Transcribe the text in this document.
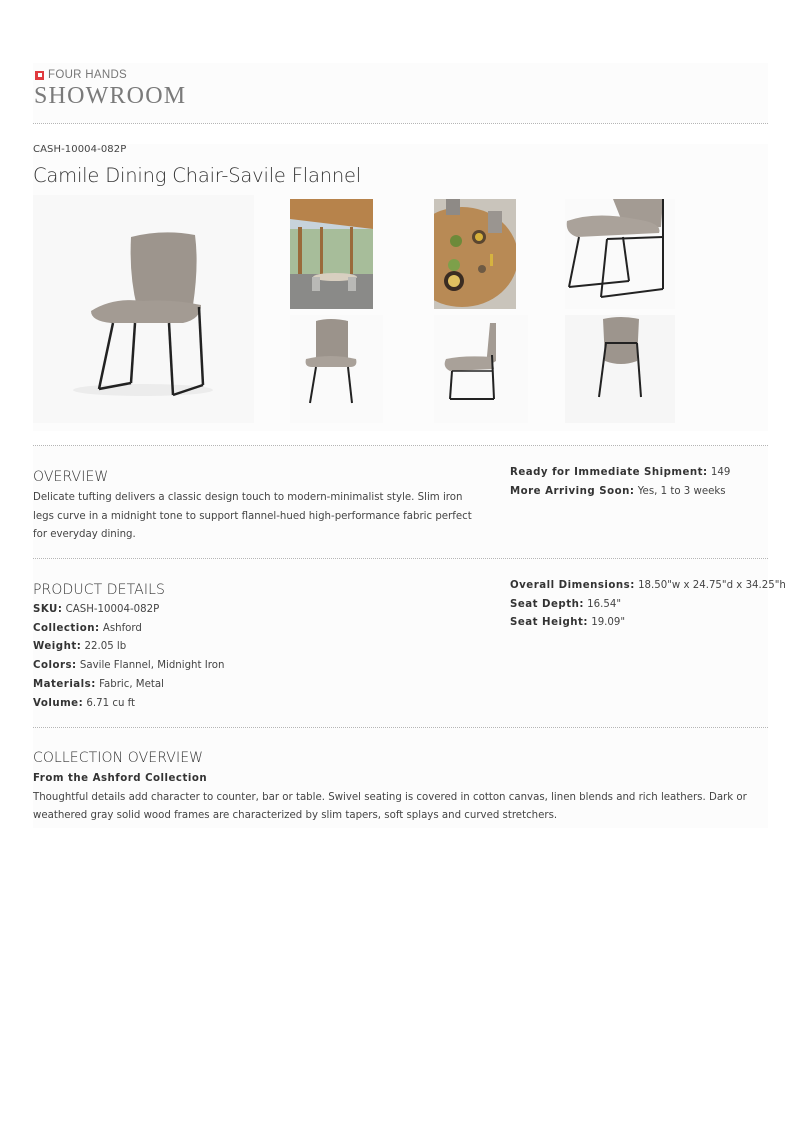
FOUR HANDS
SHOWROOM
CASH-10004-082P
Camile Dining Chair-Savile Flannel
OVERVIEW
Delicate tufting delivers a classic design touch to modern-minimalist style. Slim iron legs curve in a midnight tone to support flannel-hued high-performance fabric perfect for everyday dining.
Ready for Immediate Shipment: 149
More Arriving Soon: Yes, 1 to 3 weeks
PRODUCT DETAILS
SKU: CASH-10004-082P
Collection: Ashford
Weight: 22.05 lb
Colors: Savile Flannel, Midnight Iron
Materials: Fabric, Metal
Volume: 6.71 cu ft
Overall Dimensions: 18.50"w x 24.75"d x 34.25"h
Seat Depth: 16.54"
Seat Height: 19.09"
COLLECTION OVERVIEW
From the Ashford Collection
Thoughtful details add character to counter, bar or table. Swivel seating is covered in cotton canvas, linen blends and rich leathers. Dark or weathered gray solid wood frames are characterized by slim tapers, soft splays and curved stretchers.
